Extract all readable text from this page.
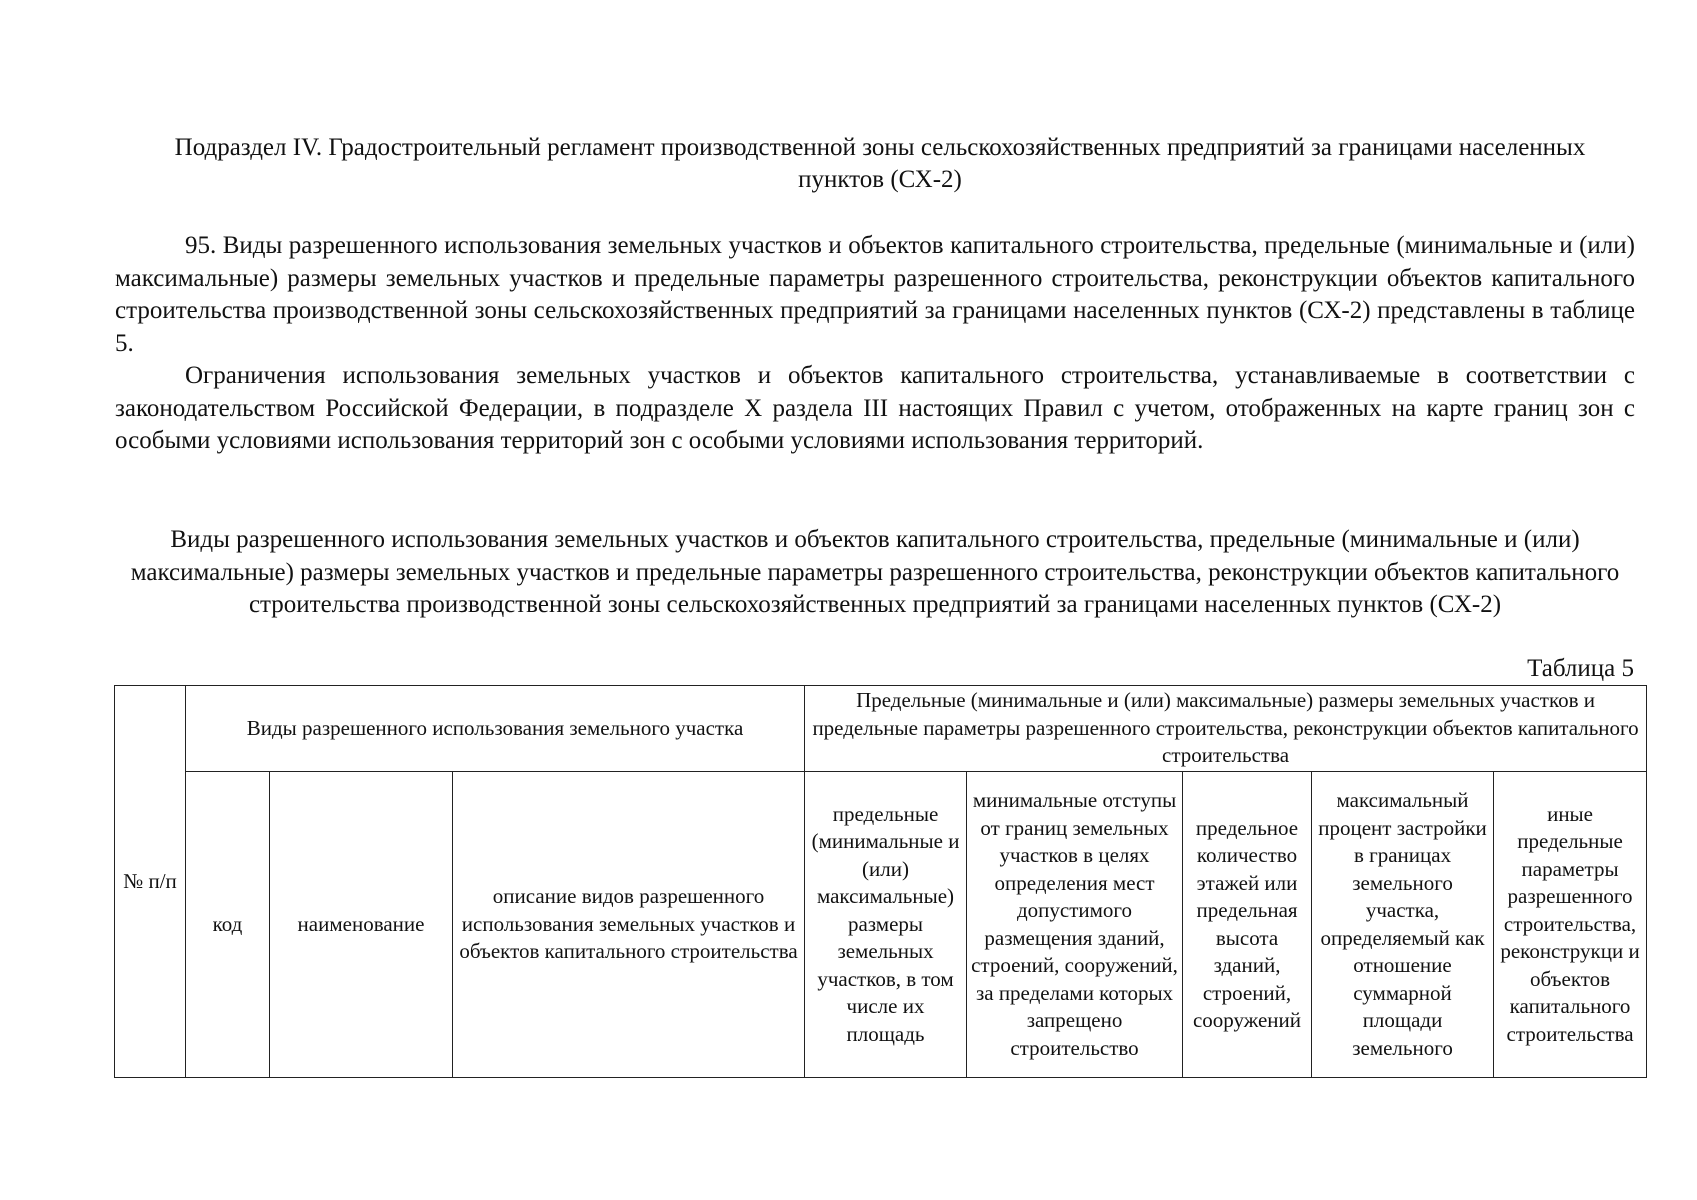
Подраздел IV. Градостроительный регламент производственной зоны сельскохозяйственных предприятий за границами населенных пунктов (СХ-2)

95. Виды разрешенного использования земельных участков и объектов капитального строительства, предельные (минимальные и (или) максимальные) размеры земельных участков и предельные параметры разрешенного строительства, реконструкции объектов капитального строительства производственной зоны сельскохозяйственных предприятий за границами населенных пунктов (СХ-2) представлены в таблице 5.

Ограничения использования земельных участков и объектов капитального строительства, устанавливаемые в соответствии с законодательством Российской Федерации, в подразделе X раздела III настоящих Правил с учетом, отображенных на карте границ зон с особыми условиями использования территорий зон с особыми условиями использования территорий.

Виды разрешенного использования земельных участков и объектов капитального строительства, предельные (минимальные и (или) максимальные) размеры земельных участков и предельные параметры разрешенного строительства, реконструкции объектов капитального строительства производственной зоны сельскохозяйственных предприятий за границами населенных пунктов (СХ-2)
Таблица 5
№ п/п	Виды разрешенного использования земельного участка			Предельные (минимальные и (или) максимальные) размеры земельных участков и предельные параметры разрешенного строительства, реконструкции объектов капитального строительства				
	код	наименование	описание видов разрешенного использования земельных участков и объектов капитального строительства	предельные (минимальные и (или) максимальные) размеры земельных участков, в том числе их площадь	минимальные отступы от границ земельных участков в целях определения мест допустимого размещения зданий, строений, сооружений, за пределами которых запрещено строительство	предельное количество этажей или предельная высота зданий, строений, сооружений	максимальный процент застройки в границах земельного участка, определяемый как отношение суммарной площади земельного	иные предельные параметры разрешенного строительства, реконструкци и объектов капитального строительства
